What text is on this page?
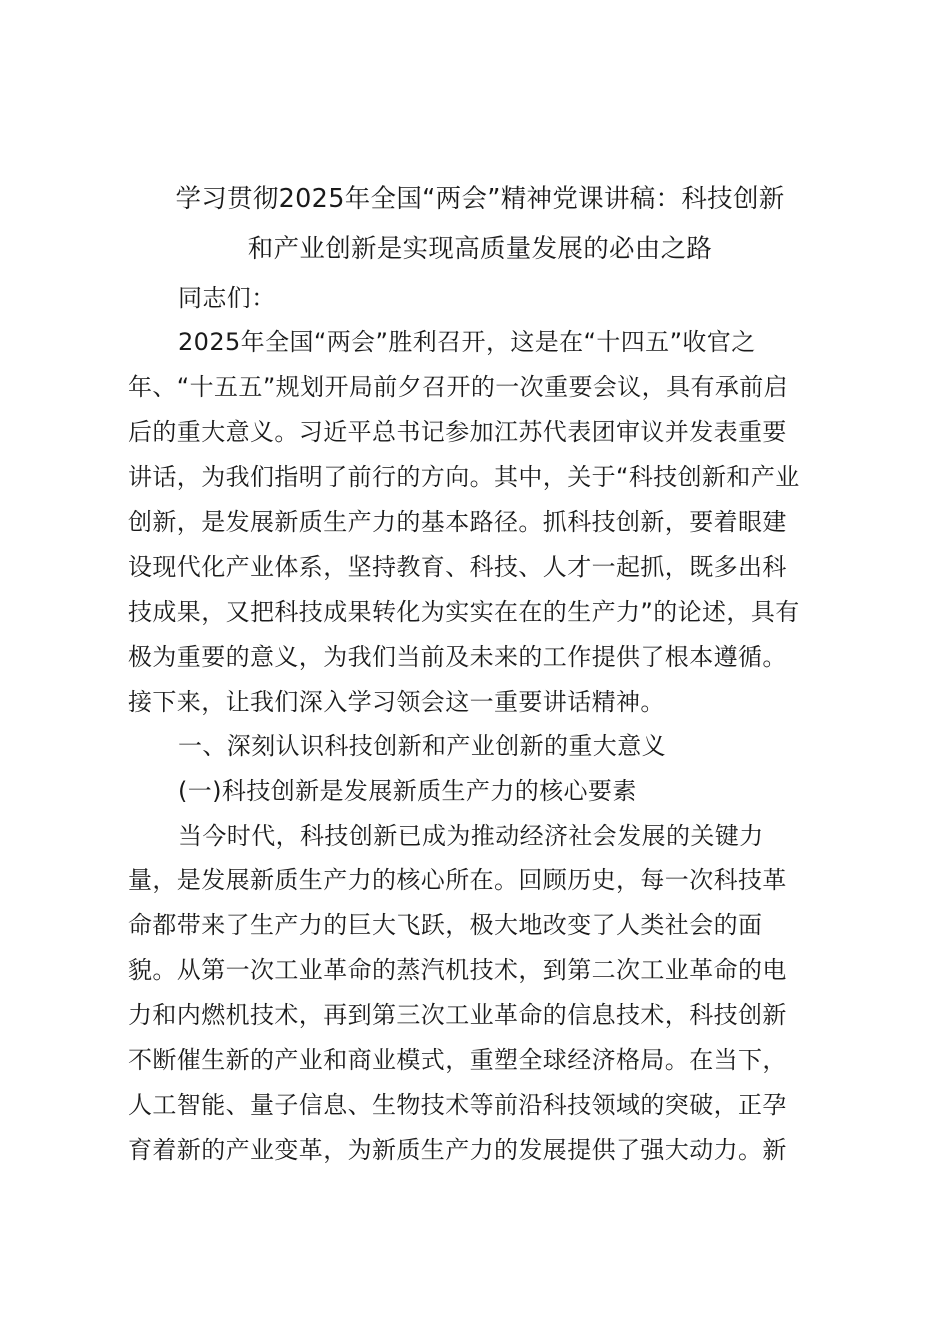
学习贯彻2025年全国“两会”精神党课讲稿：科技创新
和产业创新是实现高质量发展的必由之路
同志们：
2025年全国“两会”胜利召开，这是在“十四五”收官之
年、“十五五”规划开局前夕召开的一次重要会议，具有承前启
后的重大意义。习近平总书记参加江苏代表团审议并发表重要
讲话，为我们指明了前行的方向。其中，关于“科技创新和产业
创新，是发展新质生产力的基本路径。抓科技创新，要着眼建
设现代化产业体系，坚持教育、科技、人才一起抓，既多出科
技成果，又把科技成果转化为实实在在的生产力”的论述，具有
极为重要的意义，为我们当前及未来的工作提供了根本遵循。
接下来，让我们深入学习领会这一重要讲话精神。
一、深刻认识科技创新和产业创新的重大意义
(一)科技创新是发展新质生产力的核心要素
当今时代，科技创新已成为推动经济社会发展的关键力
量，是发展新质生产力的核心所在。回顾历史，每一次科技革
命都带来了生产力的巨大飞跃，极大地改变了人类社会的面
貌。从第一次工业革命的蒸汽机技术，到第二次工业革命的电
力和内燃机技术，再到第三次工业革命的信息技术，科技创新
不断催生新的产业和商业模式，重塑全球经济格局。在当下，
人工智能、量子信息、生物技术等前沿科技领域的突破，正孕
育着新的产业变革，为新质生产力的发展提供了强大动力。新
